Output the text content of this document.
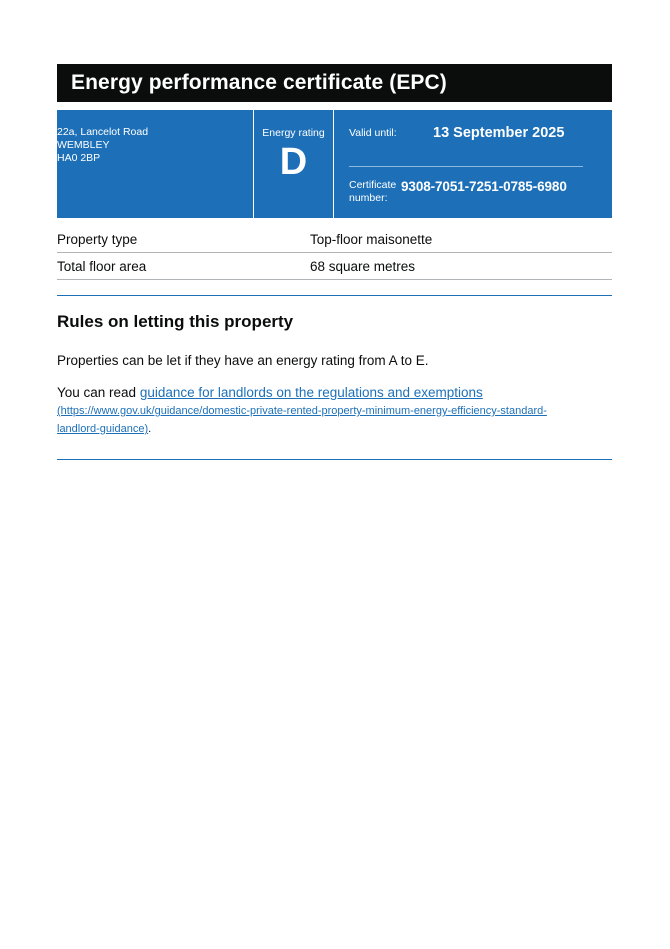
Energy performance certificate (EPC)
22a, Lancelot Road
WEMBLEY
HA0 2BP
Energy rating
D
Valid until:	13 September 2025
Certificate
number:
9308-7051-7251-0785-6980
Property type	Top-floor maisonette
Total floor area	68 square metres
Rules on letting this property

Properties can be let if they have an energy rating from A to E.

You can read guidance for landlords on the regulations and exemptions
(https://www.gov.uk/guidance/domestic-private-rented-property-minimum-energy-efficiency-standard-
landlord-guidance).
